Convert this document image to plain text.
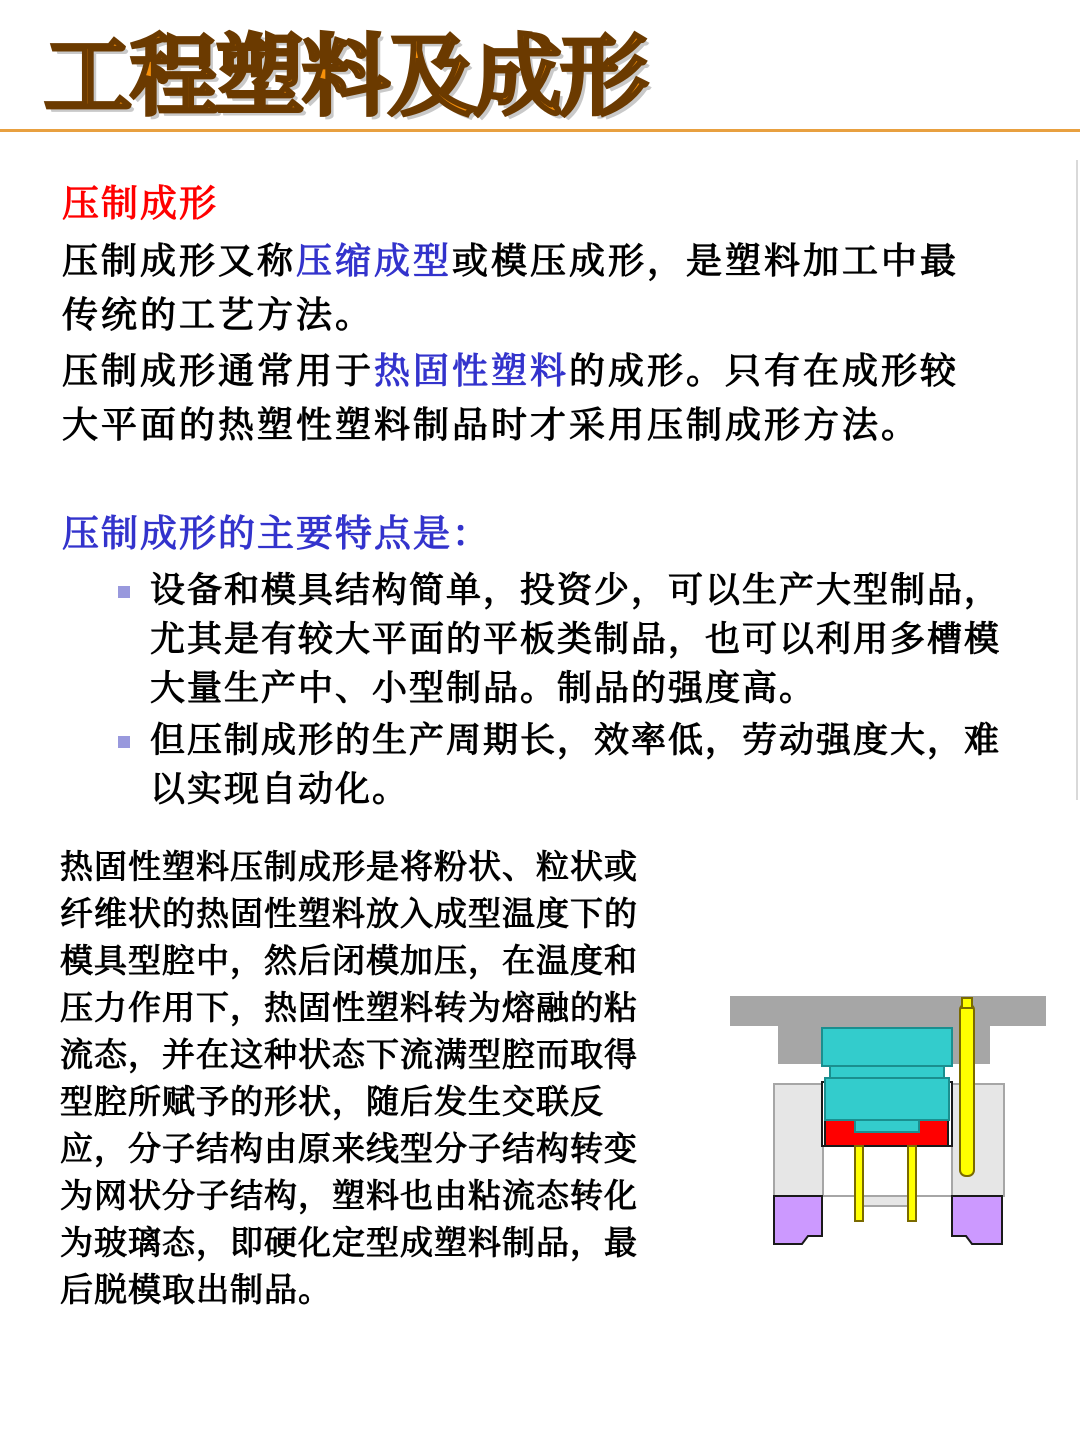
工程塑料及成形
压制成形

压制成形又称压缩成型或模压成形，是塑料加工中最传统的工艺方法。

压制成形通常用于热固性塑料的成形。只有在成形较大平面的热塑性塑料制品时才采用压制成形方法。

压制成形的主要特点是：
设备和模具结构简单，投资少，可以生产大型制品，尤其是有较大平面的平板类制品，也可以利用多槽模大量生产中、小型制品。制品的强度高。
但压制成形的生产周期长，效率低，劳动强度大，难以实现自动化。

热固性塑料压制成形是将粉状、粒状或纤维状的热固性塑料放入成型温度下的模具型腔中，然后闭模加压，在温度和压力作用下，热固性塑料转为熔融的粘流态，并在这种状态下流满型腔而取得型腔所赋予的形状，随后发生交联反应，分子结构由原来线型分子结构转变为网状分子结构，塑料也由粘流态转化为玻璃态，即硬化定型成塑料制品，最后脱模取出制品。
